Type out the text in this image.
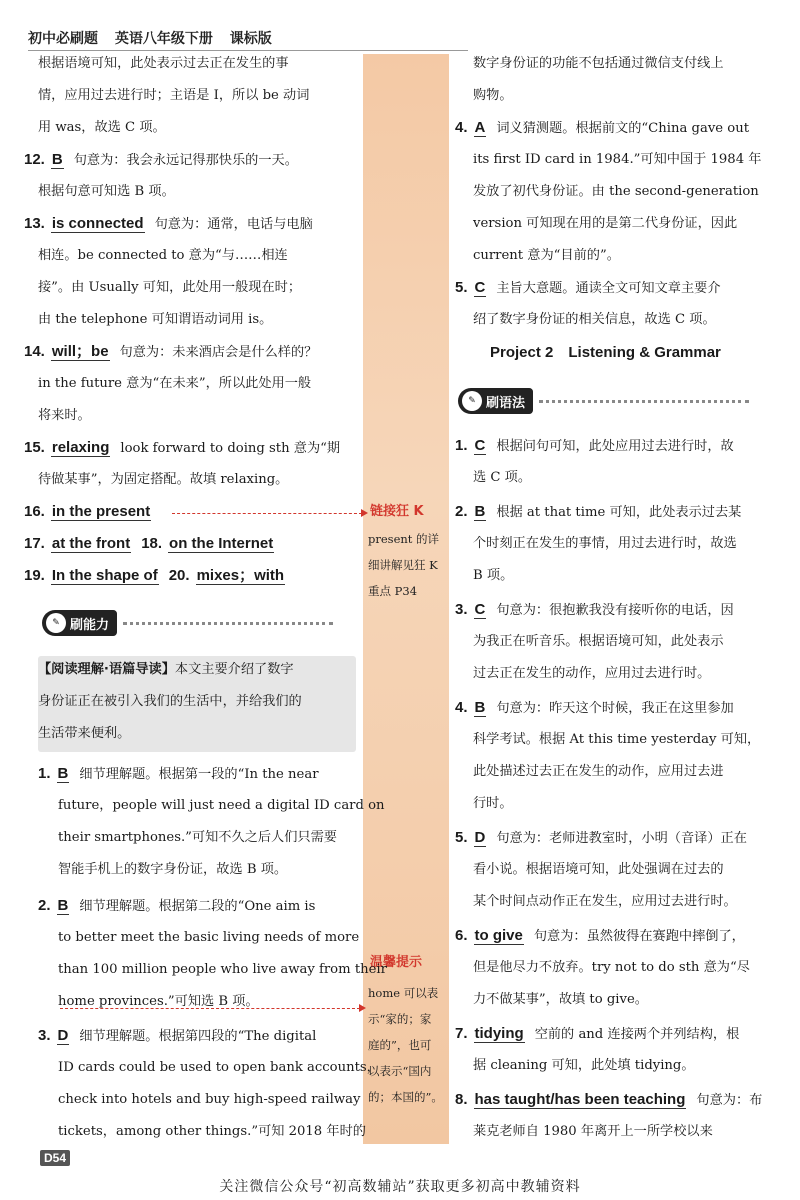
初中必刷题 英语八年级下册 课标版
链接狂 K
present 的详
细讲解见狂 K
重点 P34
温馨提示
home 可以表
示“家的；家
庭的”，也可
以表示“国内
的；本国的”。
根据语境可知，此处表示过去正在发生的事
情，应用过去进行时；主语是 I，所以 be 动词
用 was，故选 C 项。
12. B 句意为：我会永远记得那快乐的一天。
根据句意可知选 B 项。
13. is connected 句意为：通常，电话与电脑
相连。be connected to 意为“与……相连
接”。由 Usually 可知，此处用一般现在时；
由 the telephone 可知谓语动词用 is。
14. will；be 句意为：未来酒店会是什么样的？
in the future 意为“在未来”，所以此处用一般
将来时。
15. relaxing look forward to doing sth 意为“期
待做某事”，为固定搭配。故填 relaxing。
16. in the present
17. at the front 18. on the Internet
19. In the shape of 20. mixes；with
✎ 刷能力
【阅读理解·语篇导读】本文主要介绍了数字
身份证正在被引入我们的生活中，并给我们的
生活带来便利。
1. B 细节理解题。根据第一段的“In the near
future，people will just need a digital ID card on
their smartphones.”可知不久之后人们只需要
智能手机上的数字身份证，故选 B 项。
2. B 细节理解题。根据第二段的“One aim is
to better meet the basic living needs of more
than 100 million people who live away from their
home provinces.”可知选 B 项。
3. D 细节理解题。根据第四段的“The digital
ID cards could be used to open bank accounts，
check into hotels and buy high-speed railway
tickets，among other things.”可知 2018 年时的
数字身份证的功能不包括通过微信支付线上
购物。
4. A 词义猜测题。根据前文的“China gave out
its first ID card in 1984.”可知中国于 1984 年
发放了初代身份证。由 the second-generation
version 可知现在用的是第二代身份证，因此
current 意为“目前的”。
5. C 主旨大意题。通读全文可知文章主要介
绍了数字身份证的相关信息，故选 C 项。
Project 2　Listening & Grammar
✎ 刷语法
1. C 根据问句可知，此处应用过去进行时，故
选 C 项。
2. B 根据 at that time 可知，此处表示过去某
个时刻正在发生的事情，用过去进行时，故选
B 项。
3. C 句意为：很抱歉我没有接听你的电话，因
为我正在听音乐。根据语境可知，此处表示
过去正在发生的动作，应用过去进行时。
4. B 句意为：昨天这个时候，我正在这里参加
科学考试。根据 At this time yesterday 可知，
此处描述过去正在发生的动作，应用过去进
行时。
5. D 句意为：老师进教室时，小明（音译）正在
看小说。根据语境可知，此处强调在过去的
某个时间点动作正在发生，应用过去进行时。
6. to give 句意为：虽然彼得在赛跑中摔倒了，
但是他尽力不放弃。try not to do sth 意为“尽
力不做某事”，故填 to give。
7. tidying 空前的 and 连接两个并列结构，根
据 cleaning 可知，此处填 tidying。
8. has taught/has been teaching 句意为：布
莱克老师自 1980 年离开上一所学校以来
D54
关注微信公众号“初高数辅站”获取更多初高中教辅资料
